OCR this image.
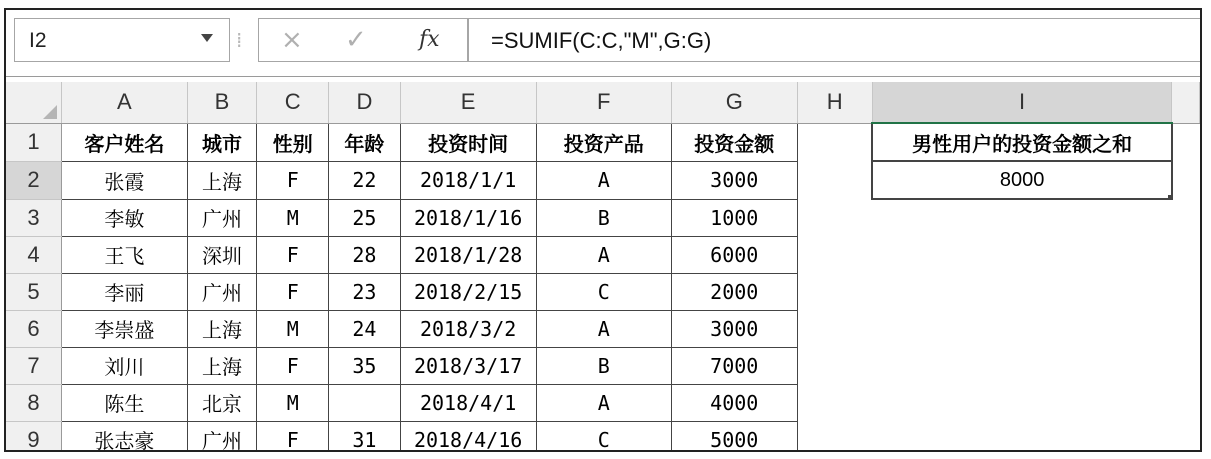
I2	⁞ × ✓ fx =SUMIF(C:C,"M",G:G)
	A	B	C	D	E	F	G	H	I	
1	客户姓名	城市	性别	年龄	投资时间	投资产品	投资金额		男性用户的投资金额之和	
2	张霞	上海	F	22	2018/1/1	A	3000		8000

3	李敏	广州	M	25	2018/1/16	B	1000			
4	王飞	深圳	F	28	2018/1/28	A	6000			
5	李丽	广州	F	23	2018/2/15	C	2000			
6	李崇盛	上海	M	24	2018/3/2	A	3000			
7	刘川	上海	F	35	2018/3/17	B	7000			
8	陈生	北京	M		2018/4/1	A	4000			
9	张志豪	广州	F	31	2018/4/16	C	5000			
